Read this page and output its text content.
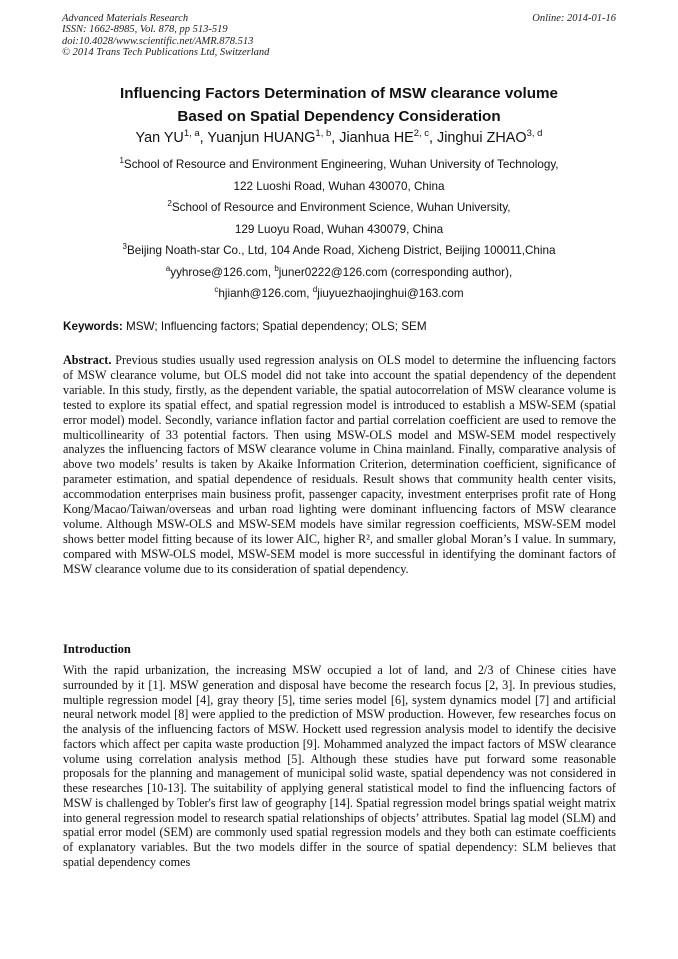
Advanced Materials Research
ISSN: 1662-8985, Vol. 878, pp 513-519
doi:10.4028/www.scientific.net/AMR.878.513
© 2014 Trans Tech Publications Ltd, Switzerland
Online: 2014-01-16
Influencing Factors Determination of MSW clearance volume
Based on Spatial Dependency Consideration
Yan YU$^{1, a}$, Yuanjun HUANG$^{1, b}$, Jianhua HE$^{2, c}$, Jinghui ZHAO$^{3, d}$
$^1$School of Resource and Environment Engineering, Wuhan University of Technology,
122 Luoshi Road, Wuhan 430070, China
$^2$School of Resource and Environment Science, Wuhan University,
129 Luoyu Road, Wuhan 430079, China
$^3$Beijing Noath-star Co., Ltd, 104 Ande Road, Xicheng District, Beijing 100011,China
$^a$yyhrose@126.com, $^b$juner0222@126.com (corresponding author),
$^c$hjianh@126.com, $^d$jiuyuezhaojinghui@163.com
Keywords: MSW; Influencing factors; Spatial dependency; OLS; SEM
Abstract. Previous studies usually used regression analysis on OLS model to determine the influencing factors of MSW clearance volume, but OLS model did not take into account the spatial dependency of the dependent variable. In this study, firstly, as the dependent variable, the spatial autocorrelation of MSW clearance volume is tested to explore its spatial effect, and spatial regression model is introduced to establish a MSW-SEM (spatial error model) model. Secondly, variance inflation factor and partial correlation coefficient are used to remove the multicollinearity of 33 potential factors. Then using MSW-OLS model and MSW-SEM model respectively analyzes the influencing factors of MSW clearance volume in China mainland. Finally, comparative analysis of above two models’ results is taken by Akaike Information Criterion, determination coefficient, significance of parameter estimation, and spatial dependence of residuals. Result shows that community health center visits, accommodation enterprises main business profit, passenger capacity, investment enterprises profit rate of Hong Kong/Macao/Taiwan/overseas and urban road lighting were dominant influencing factors of MSW clearance volume. Although MSW-OLS and MSW-SEM models have similar regression coefficients, MSW-SEM model shows better model fitting because of its lower AIC, higher R², and smaller global Moran’s I value. In summary, compared with MSW-OLS model, MSW-SEM model is more successful in identifying the dominant factors of MSW clearance volume due to its consideration of spatial dependency.
Introduction
With the rapid urbanization, the increasing MSW occupied a lot of land, and 2/3 of Chinese cities have surrounded by it [1]. MSW generation and disposal have become the research focus [2, 3]. In previous studies, multiple regression model [4], gray theory [5], time series model [6], system dynamics model [7] and artificial neural network model [8] were applied to the prediction of MSW production. However, few researches focus on the analysis of the influencing factors of MSW. Hockett used regression analysis model to identify the decisive factors which affect per capita waste production [9]. Mohammed analyzed the impact factors of MSW clearance volume using correlation analysis method [5]. Although these studies have put forward some reasonable proposals for the planning and management of municipal solid waste, spatial dependency was not considered in these researches [10-13]. The suitability of applying general statistical model to find the influencing factors of MSW is challenged by Tobler's first law of geography [14]. Spatial regression model brings spatial weight matrix into general regression model to research spatial relationships of objects’ attributes. Spatial lag model (SLM) and spatial error model (SEM) are commonly used spatial regression models and they both can estimate coefficients of explanatory variables. But the two models differ in the source of spatial dependency: SLM believes that spatial dependency comes
